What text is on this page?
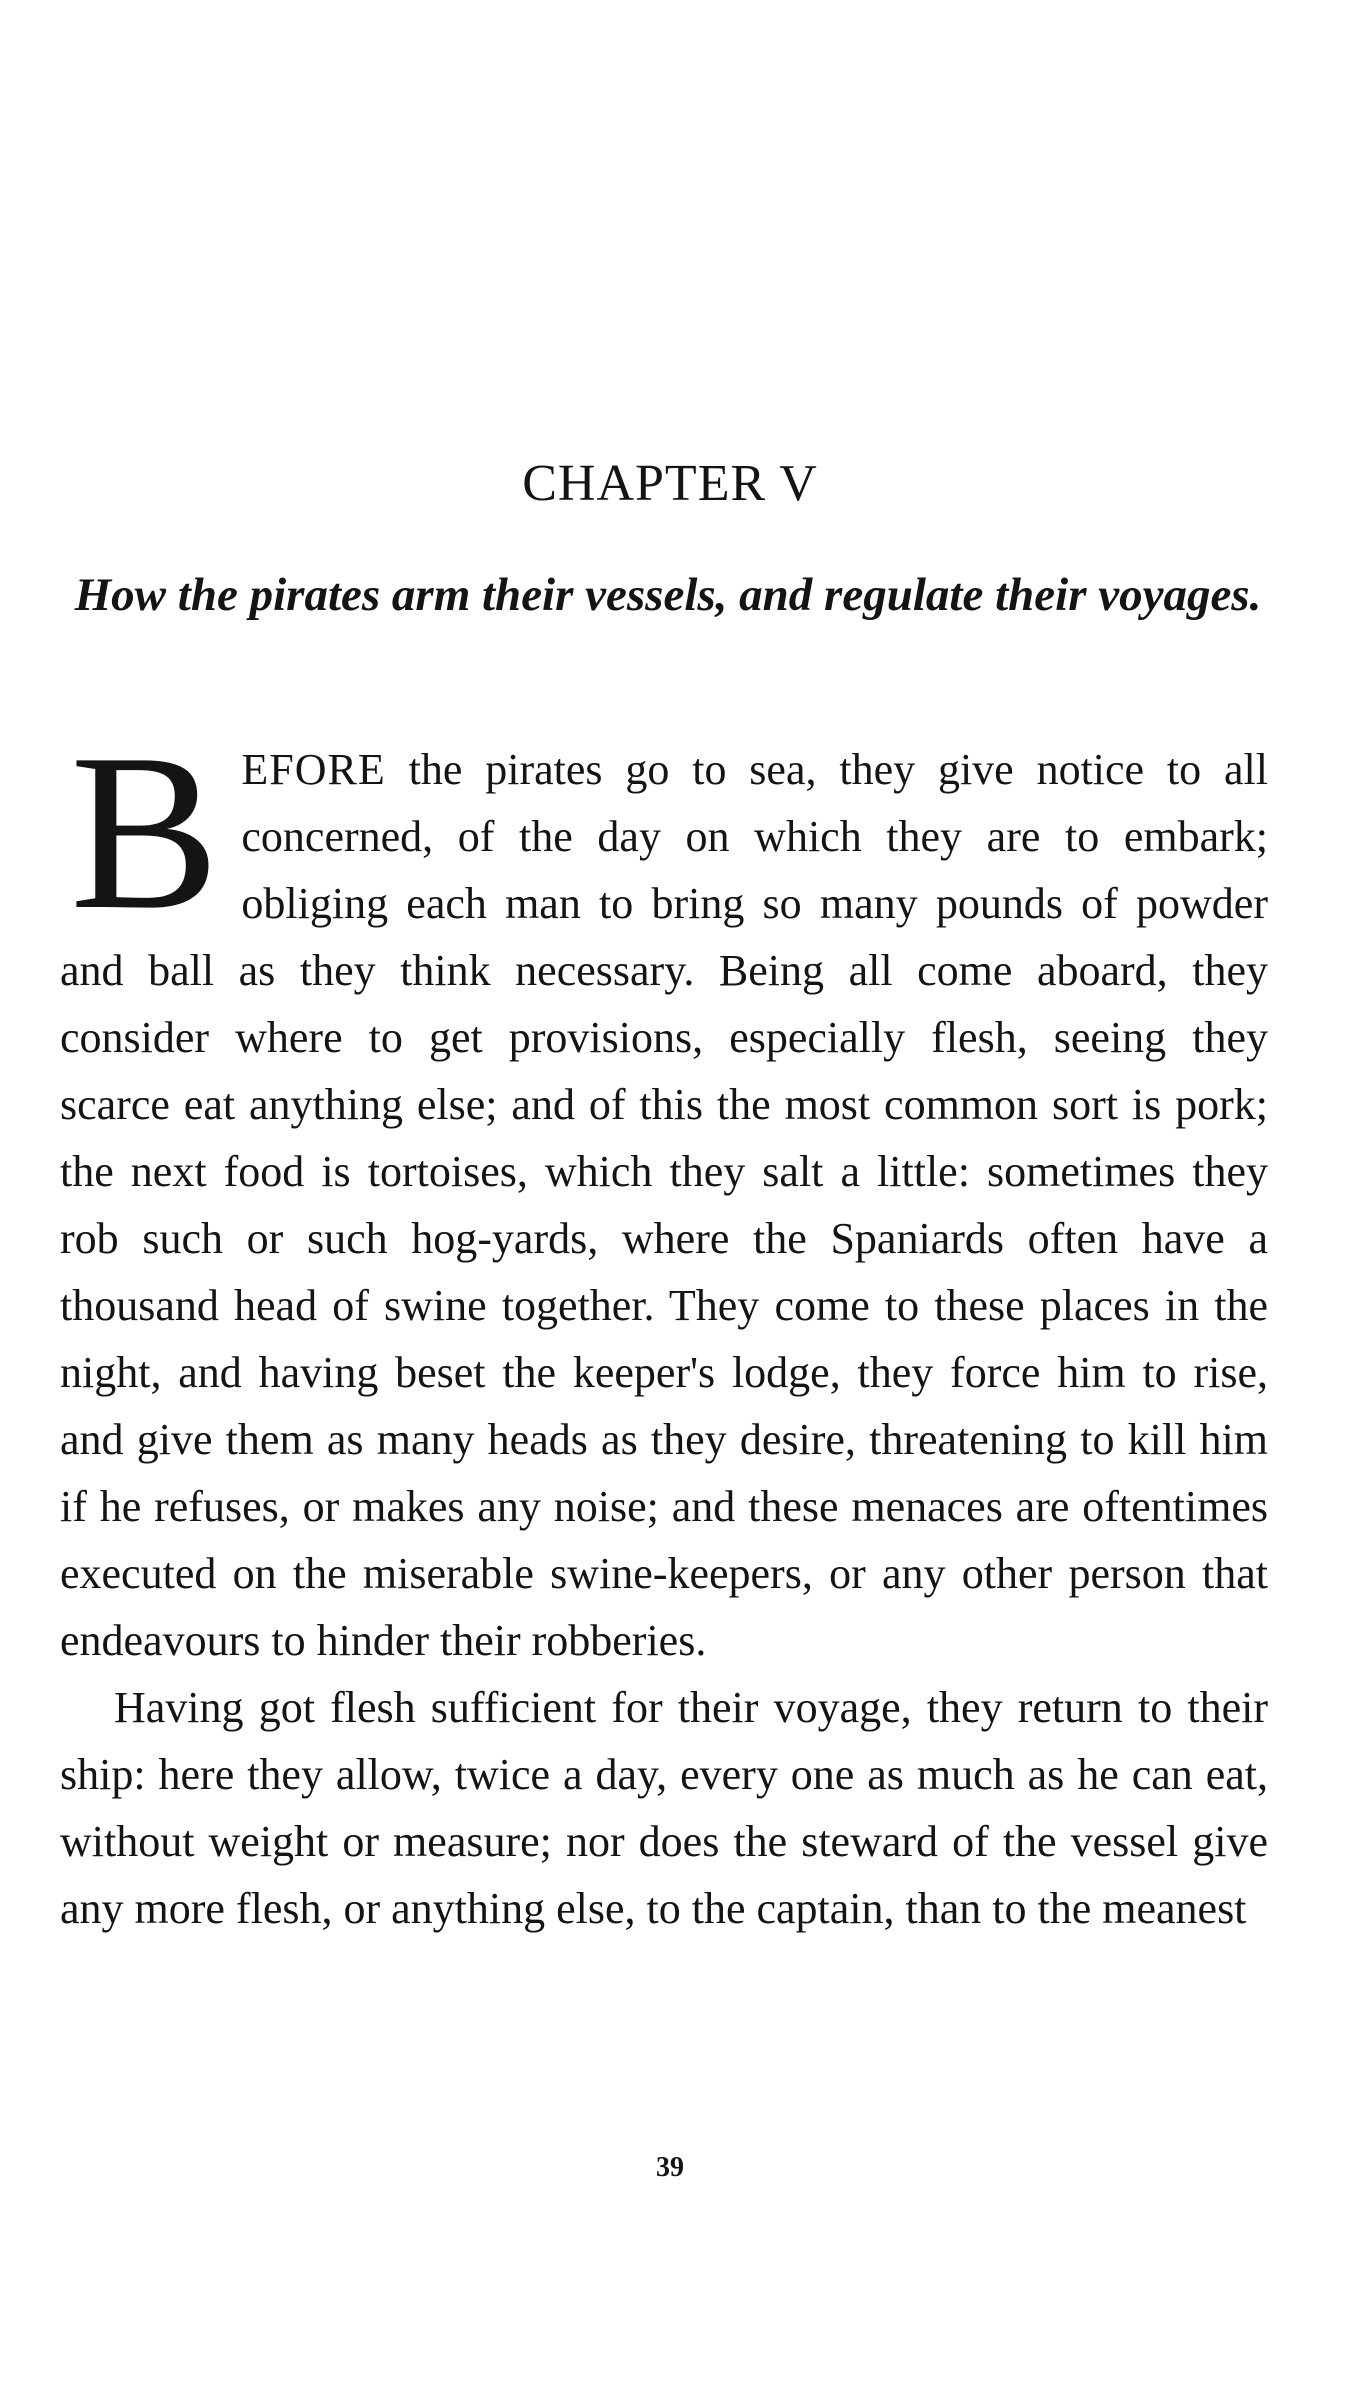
CHAPTER V
How the pirates arm their vessels, and regulate their voyages.

BEFORE the pirates go to sea, they give notice to all concerned, of the day on which they are to embark; obliging each man to bring so many pounds of powder and ball as they think necessary. Being all come aboard, they consider where to get provisions, especially flesh, seeing they scarce eat anything else; and of this the most common sort is pork; the next food is tortoises, which they salt a little: sometimes they rob such or such hog-yards, where the Spaniards often have a thousand head of swine together. They come to these places in the night, and having beset the keeper's lodge, they force him to rise, and give them as many heads as they desire, threatening to kill him if he refuses, or makes any noise; and these menaces are oftentimes executed on the miserable swine-keepers, or any other person that endeavours to hinder their robberies.

Having got flesh sufficient for their voyage, they return to their ship: here they allow, twice a day, every one as much as he can eat, without weight or measure; nor does the steward of the vessel give any more flesh, or anything else, to the captain, than to the meanest

39
